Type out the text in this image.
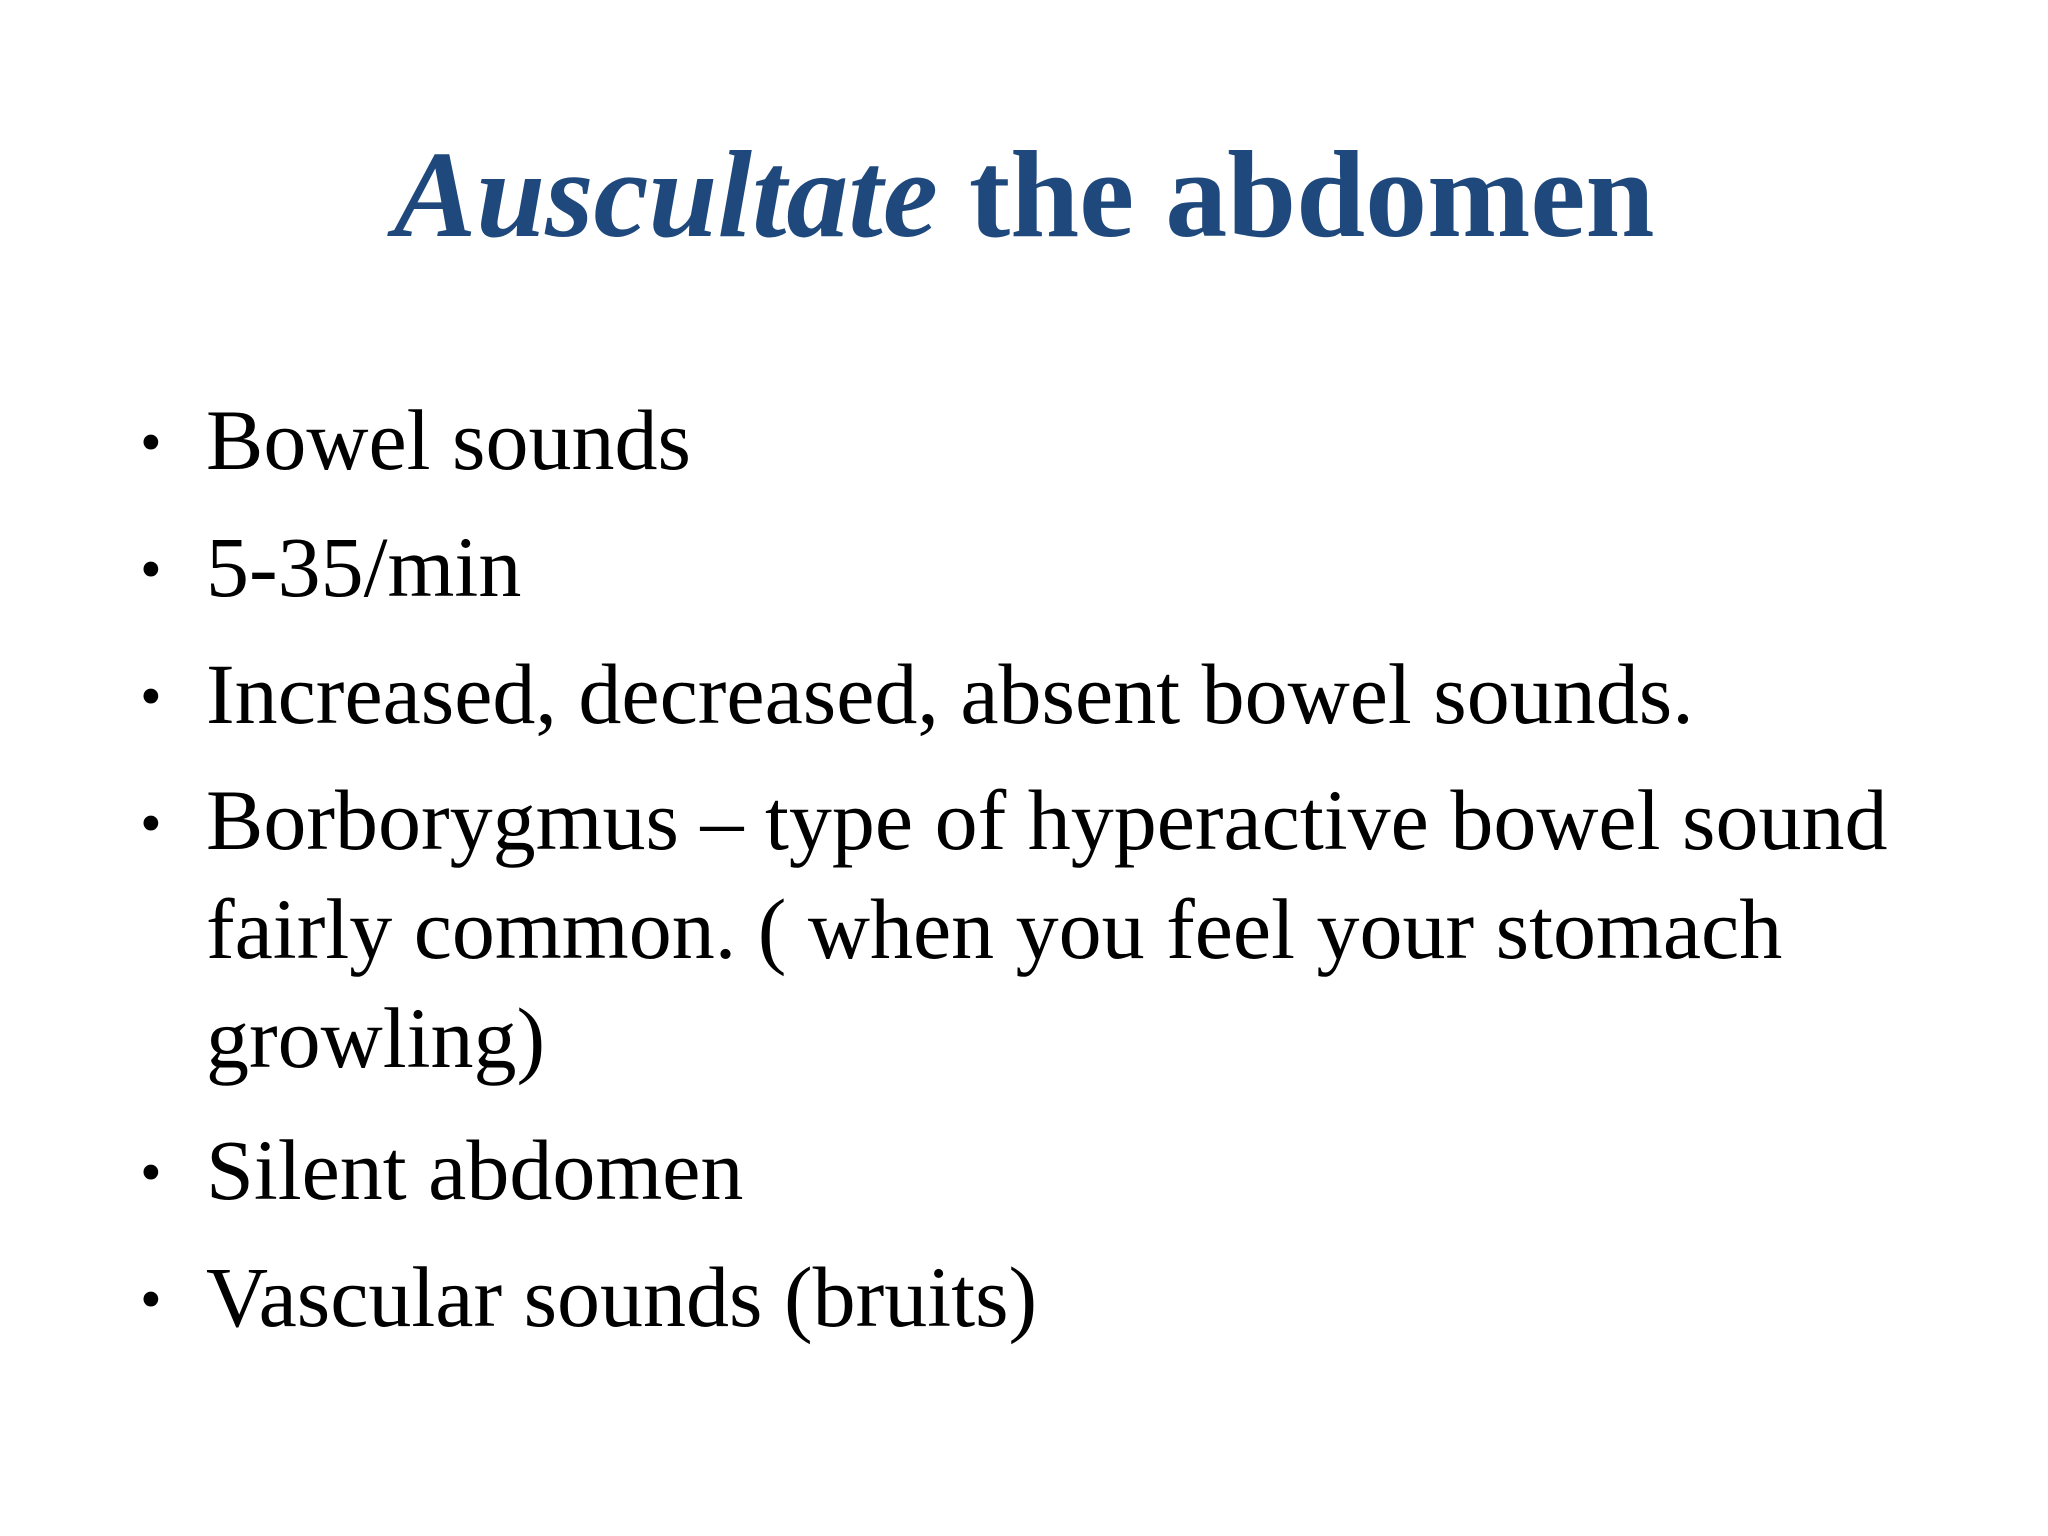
Auscultate the abdomen
• Bowel sounds
• 5-35/min
• Increased, decreased, absent bowel sounds.
• Borborygmus – type of hyperactive bowel sound fairly common. ( when you feel your stomach growling)
• Silent abdomen
• Vascular sounds (bruits)
